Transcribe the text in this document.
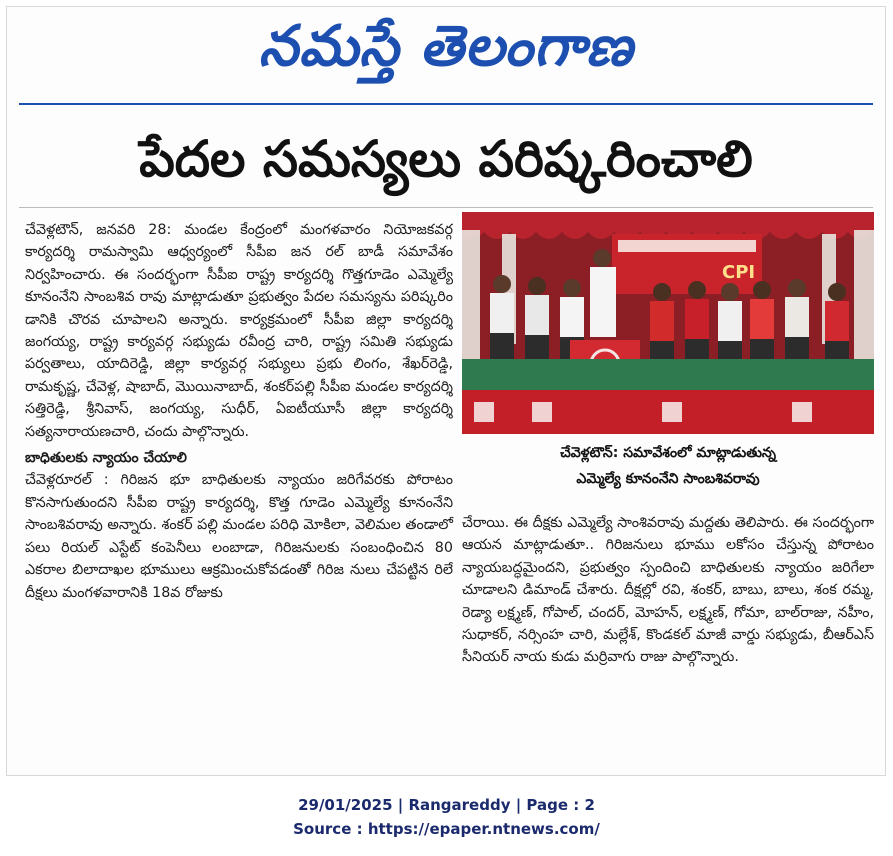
నమస్తే తెలంగాణ
పేదల సమస్యలు పరిష్కరించాలి
చేవెళ్లటౌన్, జనవరి 28: మండల కేంద్రంలో మంగళవారం నియోజకవర్గ కార్యదర్శి రామస్వామి ఆధ్వర్యంలో సీపీఐ జన రల్ బాడీ సమావేశం నిర్వహించారు. ఈ సందర్భంగా సీపీఐ రాష్ట్ర కార్యదర్శి గొత్తగూడెం ఎమ్మెల్యే కూనంనేని సాంబశివ రావు మాట్లాడుతూ ప్రభుత్వం పేదల సమస్యను పరిష్కరిం డానికి చొరవ చూపాలని అన్నారు. కార్యక్రమంలో సీపీఐ జిల్లా కార్యదర్శి జంగయ్య, రాష్ట్ర కార్యవర్గ సభ్యుడు రవీంద్ర చారి, రాష్ట్ర సమితి సభ్యుడు పర్వతాలు, యాదిరెడ్డి, జిల్లా కార్యవర్గ సభ్యులు ప్రభు లింగం, శేఖర్‌రెడ్డి, రామకృష్ణ, చేవెళ్ల, షాబాద్, మొయినాబాద్, శంకర్‌పల్లి సీపీఐ మండల కార్యదర్శి సత్తిరెడ్డి, శ్రీనివాస్, జంగయ్య, సుధీర్, ఏఐటీయూసీ జిల్లా కార్యదర్శి సత్యనారాయణచారి, చందు పాల్గొన్నారు.
బాధితులకు న్యాయం చేయాలి
చేవెళ్లరూరల్ : గిరిజన భూ బాధితులకు న్యాయం జరిగేవరకు పోరాటం కొనసాగుతుందని సీపీఐ రాష్ట్ర కార్యదర్శి, కొత్త గూడెం ఎమ్మెల్యే కూనంనేని సాంబశివరావు అన్నారు. శంకర్ పల్లి మండల పరిధి మోకిలా, వెలిమల తండాలో పలు రియల్ ఎస్టేట్ కంపెనీలు లంబాడా, గిరిజనులకు సంబంధించిన 80 ఎకరాల బిలాదాఖల భూములు ఆక్రమించుకోవడంతో గిరిజ నులు చేపట్టిన రిలే దీక్షలు మంగళవారానికి 18వ రోజుకు
CPI
చేవెళ్లటౌన్: సమావేశంలో మాట్లాడుతున్న
ఎమ్మెల్యే కూనంనేని సాంబశివరావు
చేరాయి. ఈ దీక్షకు ఎమ్మెల్యే సాంశివరావు మద్దతు తెలిపారు. ఈ సందర్భంగా ఆయన మాట్లాడుతూ.. గిరిజనులు భూము లకోసం చేస్తున్న పోరాటం న్యాయబద్ధమైందని, ప్రభుత్వం స్పందించి బాధితులకు న్యాయం జరిగేలా చూడాలని డిమాండ్ చేశారు. దీక్షల్లో రవి, శంకర్, బాబు, బాలు, శంక రమ్మ, రెడ్యా లక్ష్మణ్, గోపాల్, చందర్, మోహన్, లక్ష్మణ్, గోమా, బాల్‌రాజు, నహీం, సుధాకర్, నర్సింహ చారి, మల్లేశ్, కొండకల్ మాజీ వార్డు సభ్యుడు, బీఆర్ఎస్ సీనియర్ నాయ కుడు మర్రివాగు రాజు పాల్గొన్నారు.
29/01/2025 | Rangareddy | Page : 2
Source : https://epaper.ntnews.com/
